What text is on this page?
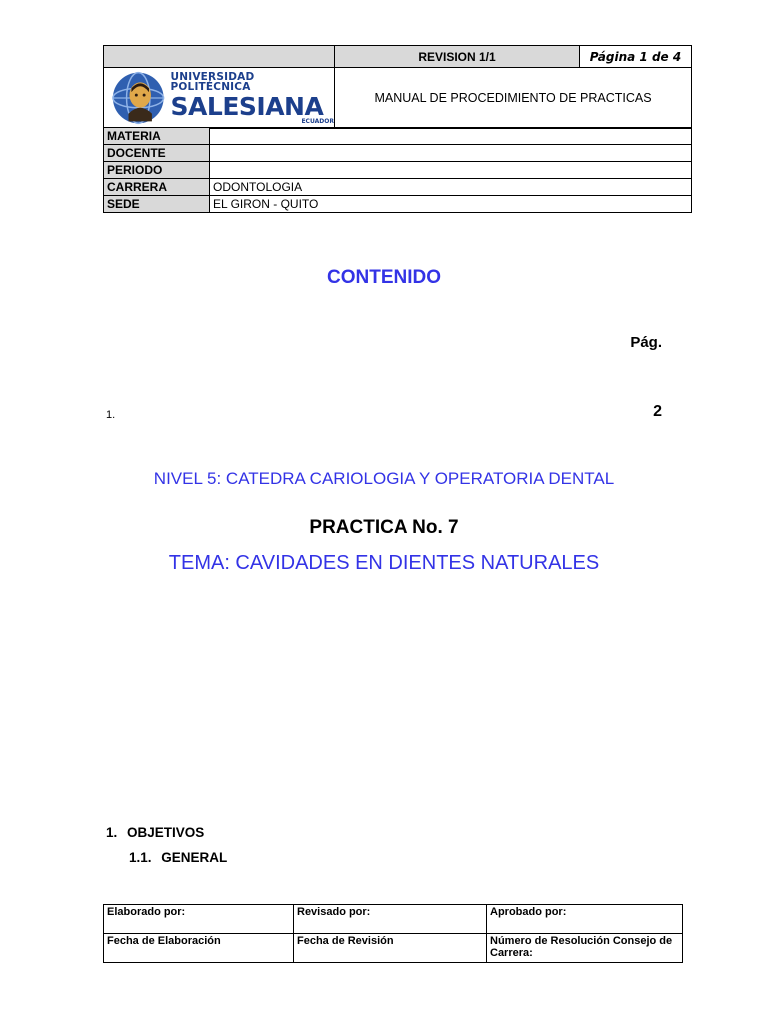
	REVISION 1/1	Página 1 de 4

UNIVERSIDAD POLITÉCNICA
SALESIANA
ECUADOR	MANUAL DE PROCEDIMIENTO DE PRACTICAS	
MATERIA	
DOCENTE	
PERIODO	
CARRERA	ODONTOLOGIA
SEDE	EL GIRON - QUITO
CONTENIDO
Pág.
1.	2
NIVEL 5: CATEDRA CARIOLOGIA Y OPERATORIA DENTAL
PRACTICA No. 7
TEMA: CAVIDADES EN DIENTES NATURALES
1. OBJETIVOS
1.1. GENERAL
Elaborado por:	Revisado por:	Aprobado por:
Fecha de Elaboración	Fecha de Revisión	Número de Resolución Consejo de Carrera:
